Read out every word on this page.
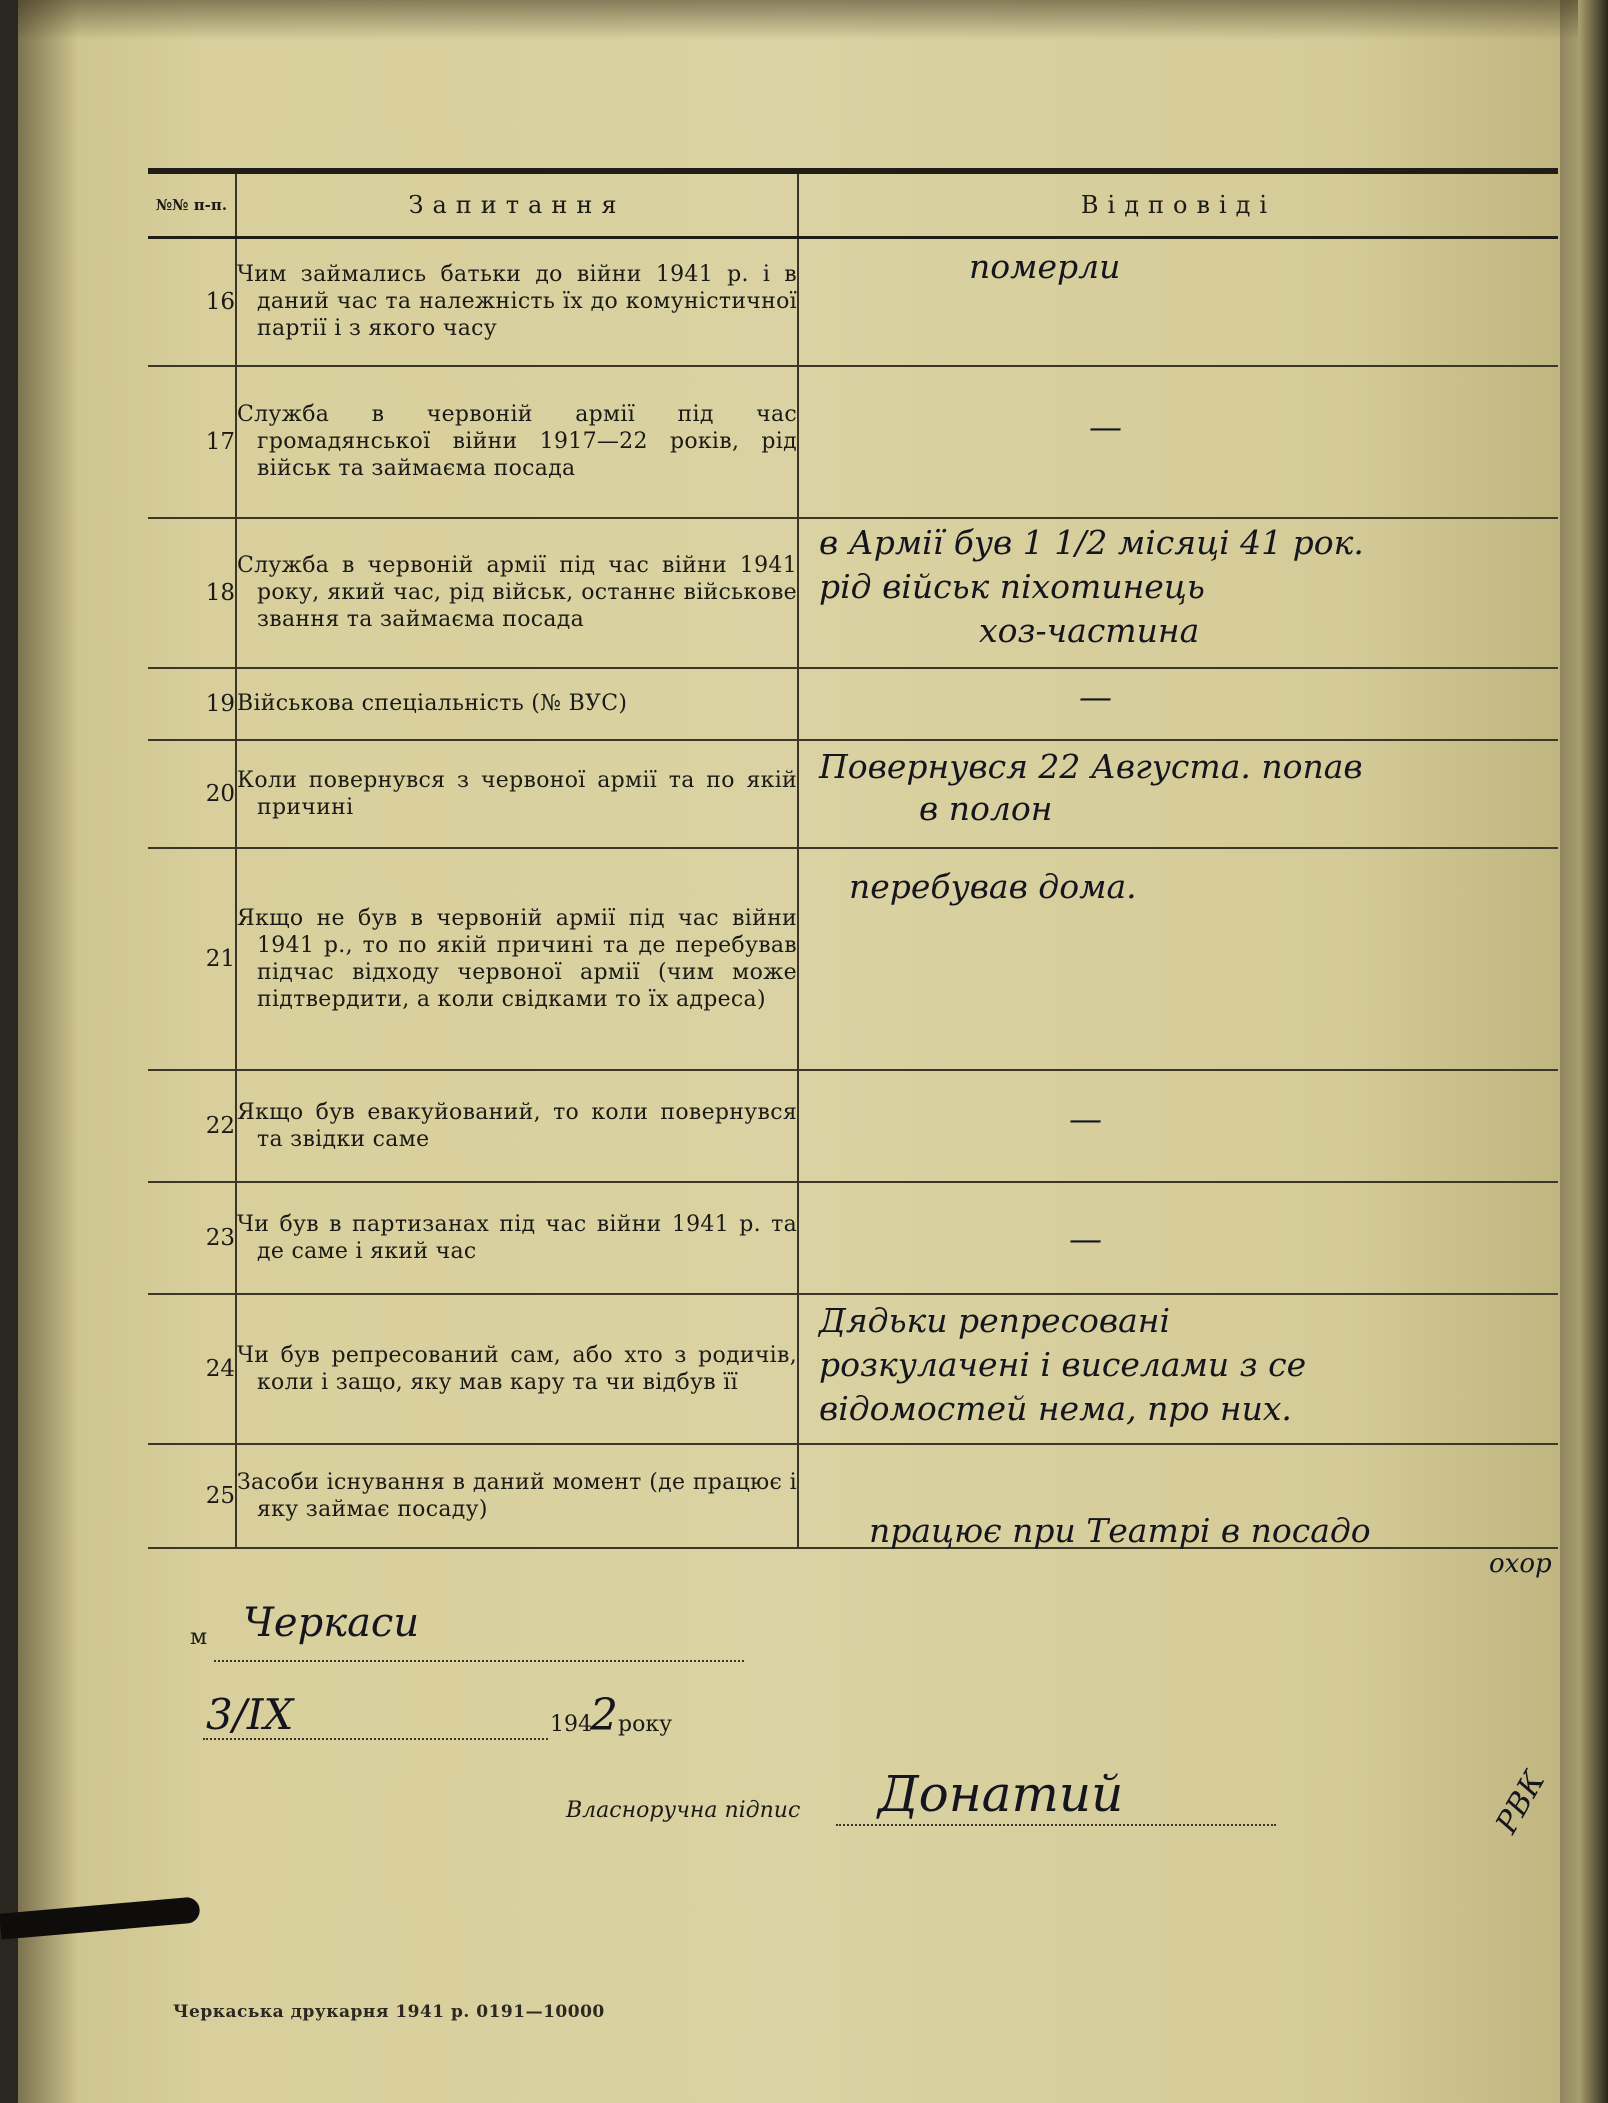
№№ п-п.	Запитання	Відповіді
16	Чим займались батьки до війни 1941 р. і в даний час та належність їх до комуністичної партії і з якого часу	померли

17	Служба в червоній армії під час громадянської війни 1917—22 років, рід військ та займаєма посада	—

18	Служба в червоній армії під час війни 1941 року, який час, рід військ, останнє військове звання та займаєма посада	в Армії був 1 1/2 місяці 41 рок.
рід військ піхотинець
хоз-частина

19	Військова спеціальність (№ ВУС)	—

20	Коли повернувся з червоної армії та по якій причині	Повернувся 22 Августа. попав
в полон

21	Якщо не був в червоній армії під час війни 1941 р., то по якій причині та де перебував підчас відходу червоної армії (чим може підтвердити, а коли свідками то їх адреса)	перебував дома.

22	Якщо був евакуйований, то коли повернувся та звідки саме	—

23	Чи був в партизанах під час війни 1941 р. та де саме і який час	—

24	Чи був репресований сам, або хто з родичів, коли і защо, яку мав кару та чи відбув її	Дядьки репресовані
розкулачені і виселами з се
відомостей нема, про них.

25	Засоби існування в даний момент (де працює і яку займає посаду)	працює при Театрі в посадо
охор
м Черкаси
3/IX	194
2 року
Власноручна підпис Донатий	РВК
Черкаська друкарня 1941 р. 0191—10000
